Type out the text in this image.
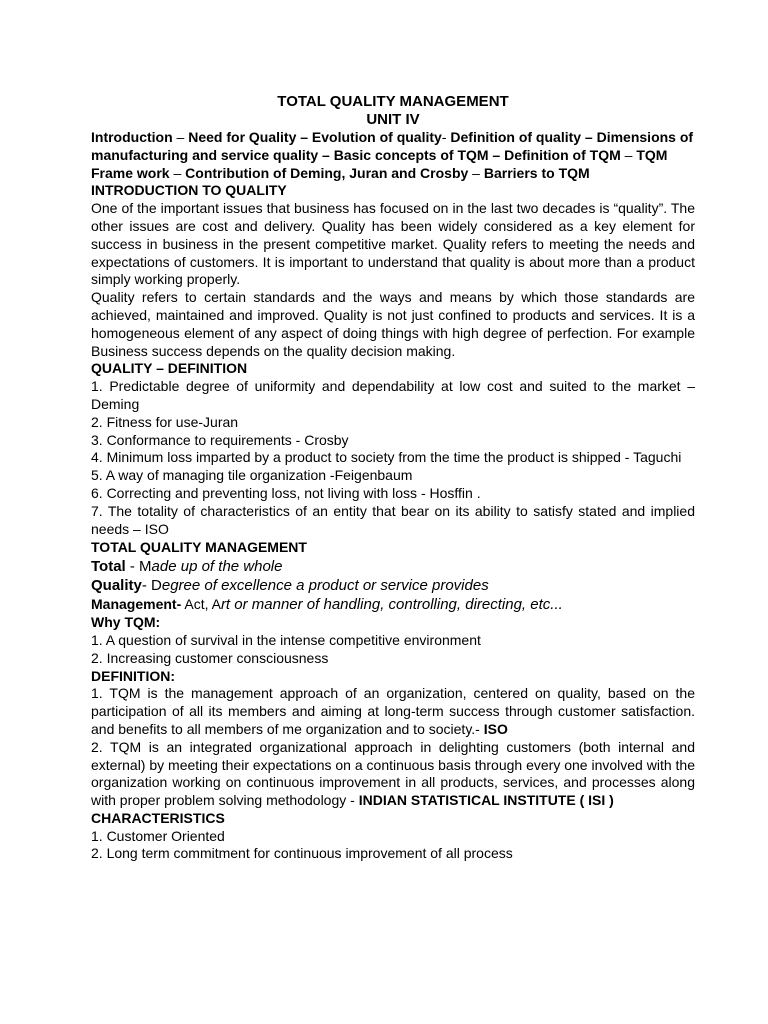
TOTAL QUALITY MANAGEMENT
UNIT IV

Introduction – Need for Quality – Evolution of quality- Definition of quality – Dimensions of manufacturing and service quality – Basic concepts of TQM – Definition of TQM – TQM Frame work – Contribution of Deming, Juran and Crosby – Barriers to TQM

INTRODUCTION TO QUALITY

One of the important issues that business has focused on in the last two decades is “quality”. The other issues are cost and delivery. Quality has been widely considered as a key element for success in business in the present competitive market. Quality refers to meeting the needs and expectations of customers. It is important to understand that quality is about more than a product simply working properly.

Quality refers to certain standards and the ways and means by which those standards are achieved, maintained and improved. Quality is not just confined to products and services. It is a homogeneous element of any aspect of doing things with high degree of perfection. For example Business success depends on the quality decision making.

QUALITY – DEFINITION

1. Predictable degree of uniformity and dependability at low cost and suited to the market –Deming

2. Fitness for use-Juran

3. Conformance to requirements - Crosby

4. Minimum loss imparted by a product to society from the time the product is shipped - Taguchi

5. A way of managing tile organization -Feigenbaum

6. Correcting and preventing loss, not living with loss - Hosffin .

7. The totality of characteristics of an entity that bear on its ability to satisfy stated and implied needs – ISO

TOTAL QUALITY MANAGEMENT

Total - Made up of the whole

Quality- Degree of excellence a product or service provides

Management- Act, Art or manner of handling, controlling, directing, etc...

Why TQM:

1. A question of survival in the intense competitive environment

2. Increasing customer consciousness

DEFINITION:

1. TQM is the management approach of an organization, centered on quality, based on the participation of all its members and aiming at long-term success through customer satisfaction. and benefits to all members of me organization and to society.- ISO

2. TQM is an integrated organizational approach in delighting customers (both internal and external) by meeting their expectations on a continuous basis through every one involved with the organization working on continuous improvement in all products, services, and processes along with proper problem solving methodology - INDIAN STATISTICAL INSTITUTE ( ISI )

CHARACTERISTICS

1. Customer Oriented

2. Long term commitment for continuous improvement of all process
